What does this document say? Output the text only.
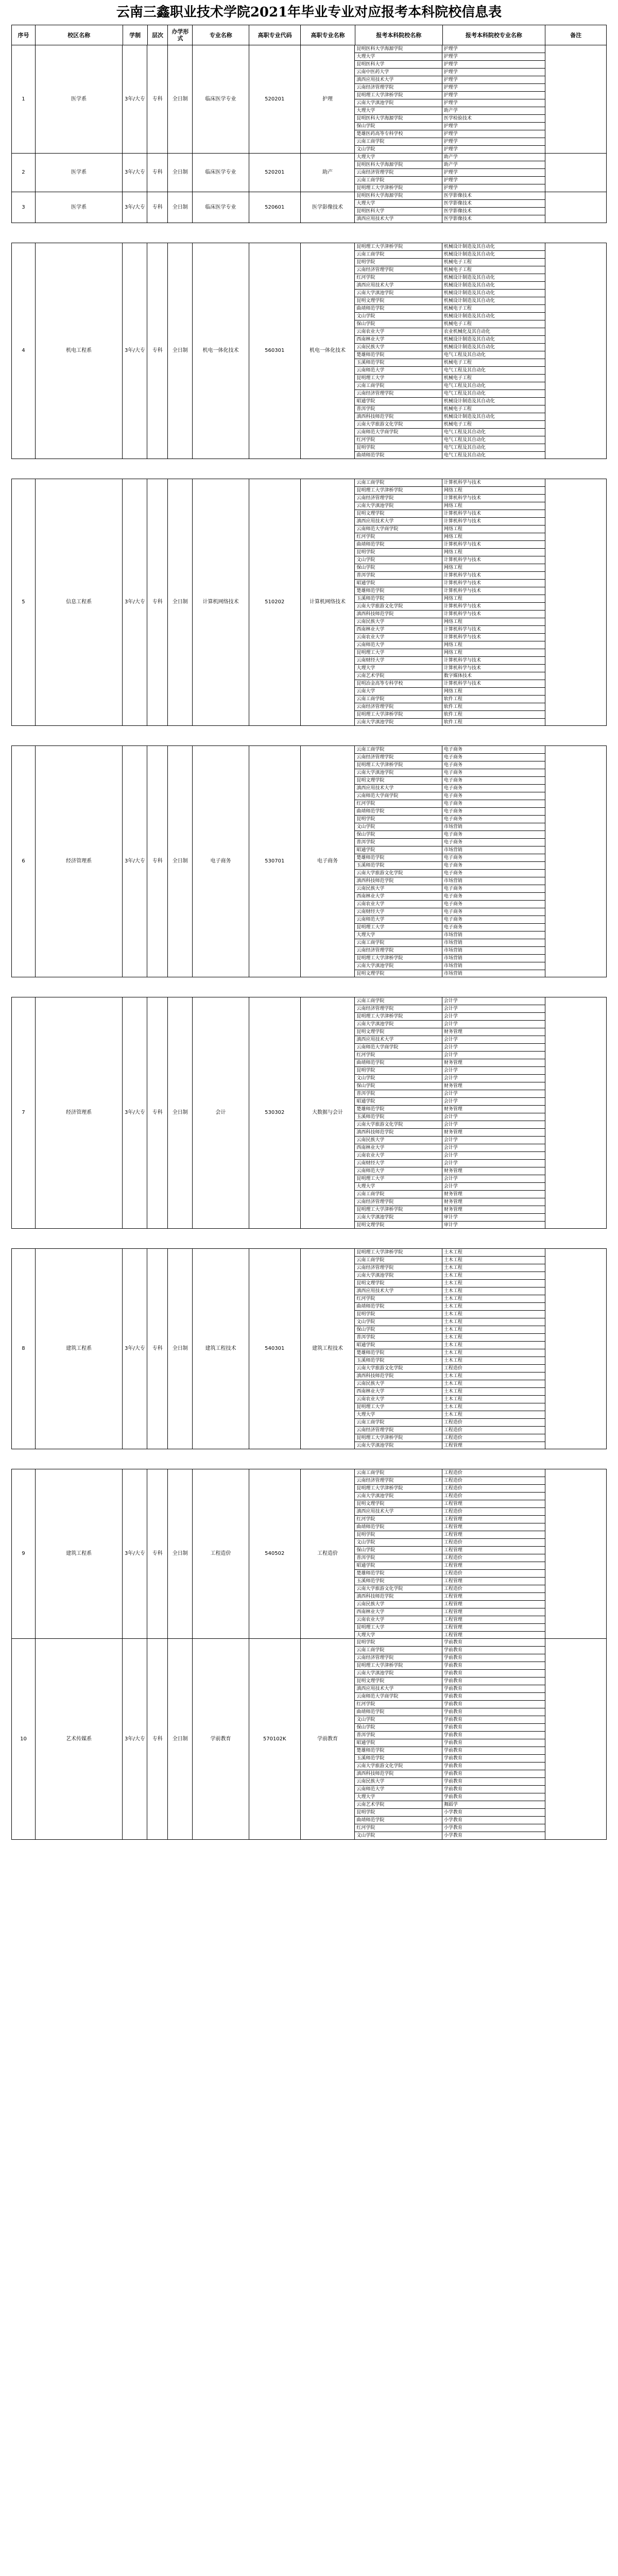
云南三鑫职业技术学院2021年毕业专业对应报考本科院校信息表
序号	校区名称	学制	层次	办学形式	专业名称	高职专业代码	高职专业名称	报考本科院校名称	报考本科院校专业名称	备注
1	医学系	3年/大专	专科	全日制	临床医学专业	520201	护理
昆明医科大学海源学院	护理学
大理大学	护理学
昆明医科大学	护理学
云南中医药大学	护理学
滇西应用技术大学	护理学
云南经济管理学院	护理学
昆明理工大学津桥学院	护理学
云南大学滇池学院	护理学
大理大学	助产学
昆明医科大学海源学院	医学检验技术
保山学院	护理学
楚雄医药高等专科学校	护理学
云南工商学院	护理学
文山学院	护理学
2	医学系	3年/大专	专科	全日制	临床医学专业	520201	助产
大理大学	助产学
昆明医科大学海源学院	助产学
云南经济管理学院	护理学
云南工商学院	护理学
昆明理工大学津桥学院	护理学
3	医学系	3年/大专	专科	全日制	临床医学专业	520601	医学影像技术
昆明医科大学海源学院	医学影像技术
大理大学	医学影像技术
昆明医科大学	医学影像技术
滇西应用技术大学	医学影像技术
4	机电工程系	3年/大专	专科	全日制	机电一体化技术	560301	机电一体化技术
昆明理工大学津桥学院	机械设计制造及其自动化
云南工商学院	机械设计制造及其自动化
昆明学院	机械电子工程
云南经济管理学院	机械电子工程
红河学院	机械设计制造及其自动化
滇西应用技术大学	机械设计制造及其自动化
云南大学滇池学院	机械设计制造及其自动化
昆明文理学院	机械设计制造及其自动化
曲靖师范学院	机械电子工程
文山学院	机械设计制造及其自动化
保山学院	机械电子工程
云南农业大学	农业机械化及其自动化
西南林业大学	机械设计制造及其自动化
云南民族大学	机械设计制造及其自动化
楚雄师范学院	电气工程及其自动化
玉溪师范学院	机械电子工程
云南师范大学	电气工程及其自动化
昆明理工大学	机械电子工程
云南工商学院	电气工程及其自动化
云南经济管理学院	电气工程及其自动化
昭通学院	机械设计制造及其自动化
普洱学院	机械电子工程
滇西科技师范学院	机械设计制造及其自动化
云南大学旅游文化学院	机械电子工程
云南师范大学商学院	电气工程及其自动化
红河学院	电气工程及其自动化
昆明学院	电气工程及其自动化
曲靖师范学院	电气工程及其自动化
5	信息工程系	3年/大专	专科	全日制	计算机网络技术	510202	计算机网络技术
云南工商学院	计算机科学与技术
昆明理工大学津桥学院	网络工程
云南经济管理学院	计算机科学与技术
云南大学滇池学院	网络工程
昆明文理学院	计算机科学与技术
滇西应用技术大学	计算机科学与技术
云南师范大学商学院	网络工程
红河学院	网络工程
曲靖师范学院	计算机科学与技术
昆明学院	网络工程
文山学院	计算机科学与技术
保山学院	网络工程
普洱学院	计算机科学与技术
昭通学院	计算机科学与技术
楚雄师范学院	计算机科学与技术
玉溪师范学院	网络工程
云南大学旅游文化学院	计算机科学与技术
滇西科技师范学院	计算机科学与技术
云南民族大学	网络工程
西南林业大学	计算机科学与技术
云南农业大学	计算机科学与技术
云南师范大学	网络工程
昆明理工大学	网络工程
云南财经大学	计算机科学与技术
大理大学	计算机科学与技术
云南艺术学院	数字媒体技术
昆明冶金高等专科学校	计算机科学与技术
云南大学	网络工程
云南工商学院	软件工程
云南经济管理学院	软件工程
昆明理工大学津桥学院	软件工程
云南大学滇池学院	软件工程
6	经济管理系	3年/大专	专科	全日制	电子商务	530701	电子商务
云南工商学院	电子商务
云南经济管理学院	电子商务
昆明理工大学津桥学院	电子商务
云南大学滇池学院	电子商务
昆明文理学院	电子商务
滇西应用技术大学	电子商务
云南师范大学商学院	电子商务
红河学院	电子商务
曲靖师范学院	电子商务
昆明学院	电子商务
文山学院	市场营销
保山学院	电子商务
普洱学院	电子商务
昭通学院	市场营销
楚雄师范学院	电子商务
玉溪师范学院	电子商务
云南大学旅游文化学院	电子商务
滇西科技师范学院	市场营销
云南民族大学	电子商务
西南林业大学	电子商务
云南农业大学	电子商务
云南财经大学	电子商务
云南师范大学	电子商务
昆明理工大学	电子商务
大理大学	市场营销
云南工商学院	市场营销
云南经济管理学院	市场营销
昆明理工大学津桥学院	市场营销
云南大学滇池学院	市场营销
昆明文理学院	市场营销
7	经济管理系	3年/大专	专科	全日制	会计	530302	大数据与会计
云南工商学院	会计学
云南经济管理学院	会计学
昆明理工大学津桥学院	会计学
云南大学滇池学院	会计学
昆明文理学院	财务管理
滇西应用技术大学	会计学
云南师范大学商学院	会计学
红河学院	会计学
曲靖师范学院	财务管理
昆明学院	会计学
文山学院	会计学
保山学院	财务管理
普洱学院	会计学
昭通学院	会计学
楚雄师范学院	财务管理
玉溪师范学院	会计学
云南大学旅游文化学院	会计学
滇西科技师范学院	财务管理
云南民族大学	会计学
西南林业大学	会计学
云南农业大学	会计学
云南财经大学	会计学
云南师范大学	财务管理
昆明理工大学	会计学
大理大学	会计学
云南工商学院	财务管理
云南经济管理学院	财务管理
昆明理工大学津桥学院	财务管理
云南大学滇池学院	审计学
昆明文理学院	审计学
8	建筑工程系	3年/大专	专科	全日制	建筑工程技术	540301	建筑工程技术
昆明理工大学津桥学院	土木工程
云南工商学院	土木工程
云南经济管理学院	土木工程
云南大学滇池学院	土木工程
昆明文理学院	土木工程
滇西应用技术大学	土木工程
红河学院	土木工程
曲靖师范学院	土木工程
昆明学院	土木工程
文山学院	土木工程
保山学院	土木工程
普洱学院	土木工程
昭通学院	土木工程
楚雄师范学院	土木工程
玉溪师范学院	土木工程
云南大学旅游文化学院	工程造价
滇西科技师范学院	土木工程
云南民族大学	土木工程
西南林业大学	土木工程
云南农业大学	土木工程
昆明理工大学	土木工程
大理大学	土木工程
云南工商学院	工程造价
云南经济管理学院	工程造价
昆明理工大学津桥学院	工程造价
云南大学滇池学院	工程管理
9	建筑工程系	3年/大专	专科	全日制	工程造价	540502	工程造价
云南工商学院	工程造价
云南经济管理学院	工程造价
昆明理工大学津桥学院	工程造价
云南大学滇池学院	工程造价
昆明文理学院	工程管理
滇西应用技术大学	工程造价
红河学院	工程管理
曲靖师范学院	工程管理
昆明学院	工程管理
文山学院	工程造价
保山学院	工程管理
普洱学院	工程造价
昭通学院	工程管理
楚雄师范学院	工程造价
玉溪师范学院	工程管理
云南大学旅游文化学院	工程造价
滇西科技师范学院	工程管理
云南民族大学	工程管理
西南林业大学	工程管理
云南农业大学	工程管理
昆明理工大学	工程管理
大理大学	工程管理
10	艺术传媒系	3年/大专	专科	全日制	学前教育	570102K	学前教育
昆明学院	学前教育
云南工商学院	学前教育
云南经济管理学院	学前教育
昆明理工大学津桥学院	学前教育
云南大学滇池学院	学前教育
昆明文理学院	学前教育
滇西应用技术大学	学前教育
云南师范大学商学院	学前教育
红河学院	学前教育
曲靖师范学院	学前教育
文山学院	学前教育
保山学院	学前教育
普洱学院	学前教育
昭通学院	学前教育
楚雄师范学院	学前教育
玉溪师范学院	学前教育
云南大学旅游文化学院	学前教育
滇西科技师范学院	学前教育
云南民族大学	学前教育
云南师范大学	学前教育
大理大学	学前教育
云南艺术学院	舞蹈学
昆明学院	小学教育
曲靖师范学院	小学教育
红河学院	小学教育
文山学院	小学教育
